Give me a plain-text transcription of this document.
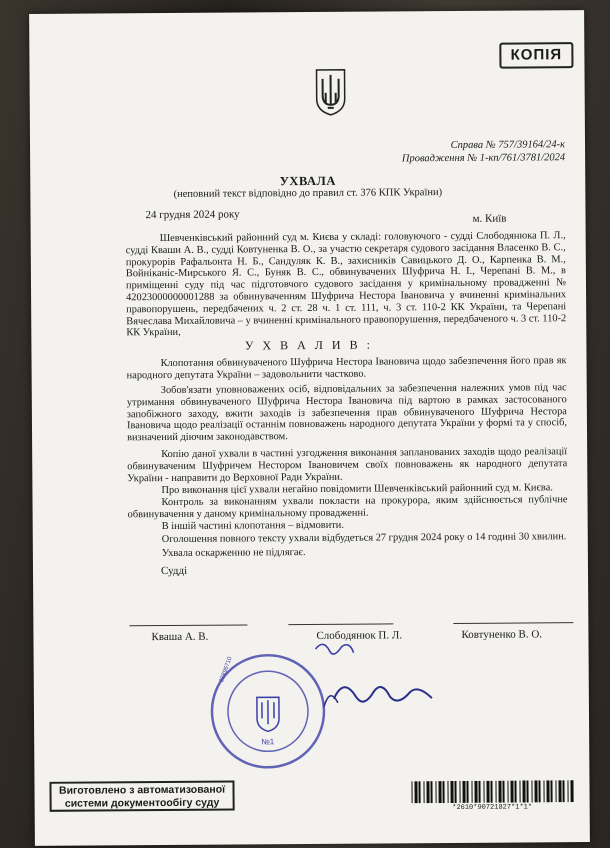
КОПІЯ
Справа № 757/39164/24-к
Провадження № 1-кп/761/3781/2024
УХВАЛА
(неповний текст відповідно до правил ст. 376 КПК України)
24 грудня 2024 року	м. Київ
Шевченківський районний суд м. Києва у складі: головуючого - судді Слободянюка П. Л., судді Кваши А. В., судді Ковтуненка В. О., за участю секретаря судового засідання Власенко В. С., прокурорів Рафальонта Н. Б., Сандуляк К. В., захисників Савицького Д. О., Карпенка В. М., Войніканіс-Мирського Я. С., Буняк В. С., обвинувачених Шуфрича Н. І., Черепані В. М., в приміщенні суду під час підготовчого судового засідання у кримінальному провадженні № 42023000000001288 за обвинуваченням Шуфрича Нестора Івановича у вчиненні кримінальних правопорушень, передбачених ч. 2 ст. 28 ч. 1 ст. 111, ч. 3 ст. 110-2 КК України, та Черепані Вячеслава Михайловича – у вчиненні кримінального правопорушення, передбаченого ч. 3 ст. 110-2 КК України,
У Х В А Л И В :
Клопотання обвинуваченого Шуфрича Нестора Івановича щодо забезпечення його прав як народного депутата України – задовольнити частково.
Зобов'язати уповноважених осіб, відповідальних за забезпечення належних умов під час утримання обвинуваченого Шуфрича Нестора Івановича під вартою в рамках застосованого запобіжного заходу, вжити заходів із забезпечення прав обвинуваченого Шуфрича Нестора Івановича щодо реалізації останнім повноважень народного депутата України у формі та у спосіб, визначений діючим законодавством.
Копію даної ухвали в частині узгодження виконання запланованих заходів щодо реалізації обвинуваченим Шуфричем Нестором Івановичем своїх повноважень як народного депутата України - направити до Верховної Ради України.
Про виконання цієї ухвали негайно повідомити Шевченківський районний суд м. Києва.
Контроль за виконанням ухвали покласти на прокурора, яким здійснюється публічне обвинувачення у даному кримінальному провадженні.
В іншій частині клопотання – відмовити.
Оголошення повного тексту ухвали відбудеться 27 грудня 2024 року о 14 годині 30 хвилин.
Ухвала оскарженню не підлягає.
Судді
Кваша А. В.	Слободянюк П. Л.	Ковтуненко В. О.
№1
02896710
Виготовлено з автоматизованої системи документообігу суду	*2610*90721827*1*1*
